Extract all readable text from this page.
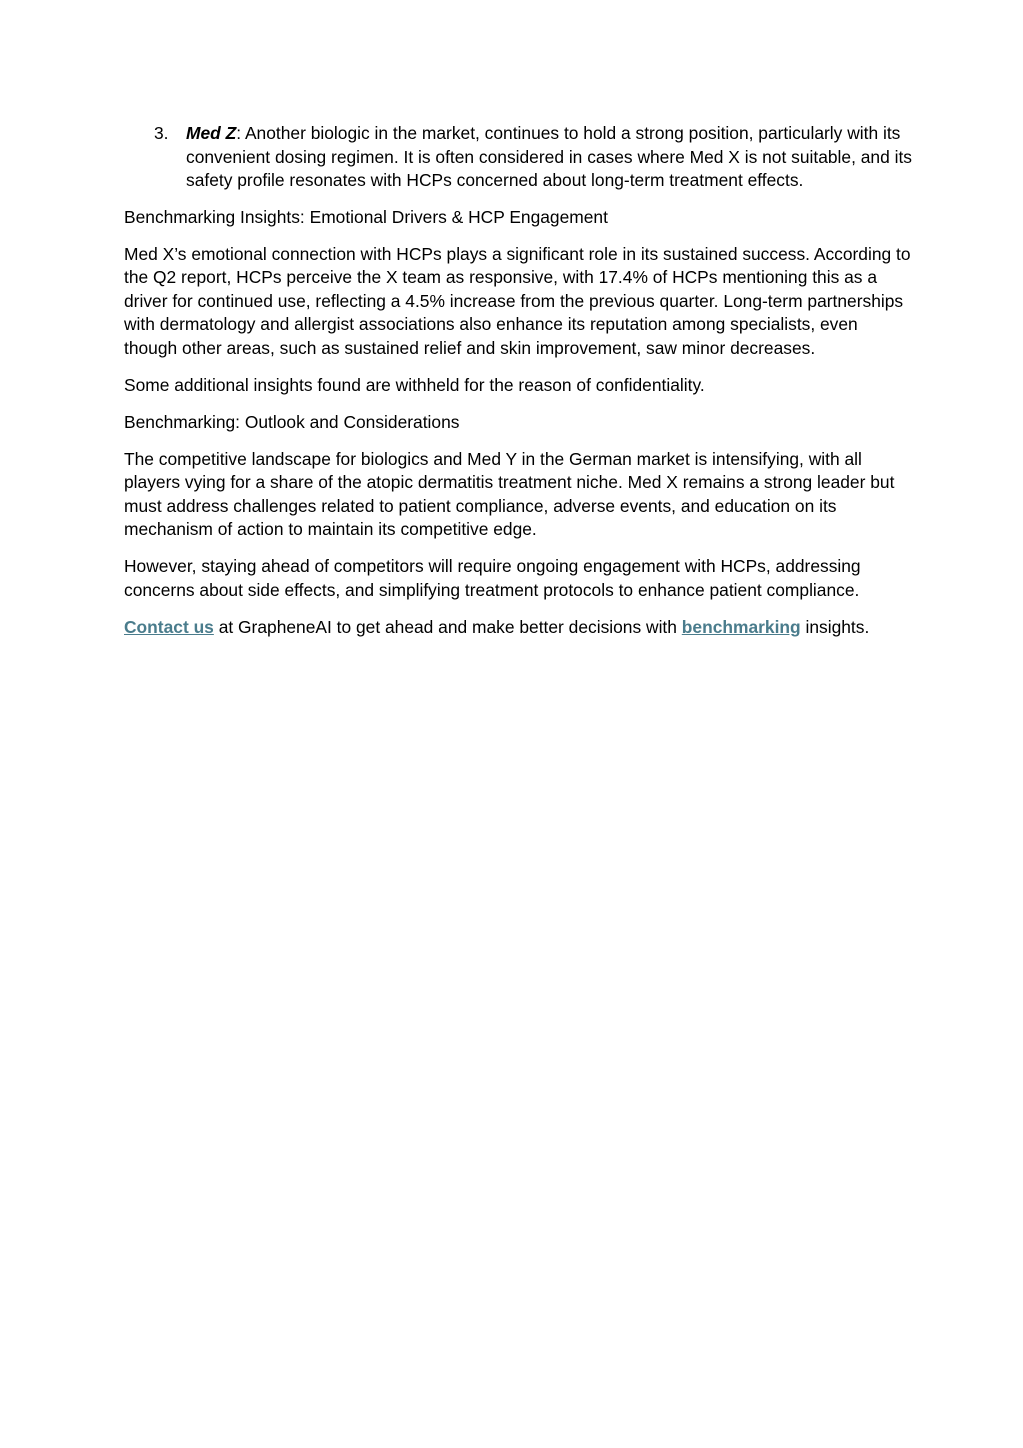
3. Med Z: Another biologic in the market, continues to hold a strong position, particularly with its convenient dosing regimen. It is often considered in cases where Med X is not suitable, and its safety profile resonates with HCPs concerned about long-term treatment effects.

Benchmarking Insights: Emotional Drivers & HCP Engagement

Med X’s emotional connection with HCPs plays a significant role in its sustained success. According to the Q2 report, HCPs perceive the X team as responsive, with 17.4% of HCPs mentioning this as a driver for continued use, reflecting a 4.5% increase from the previous quarter. Long-term partnerships with dermatology and allergist associations also enhance its reputation among specialists, even though other areas, such as sustained relief and skin improvement, saw minor decreases.

Some additional insights found are withheld for the reason of confidentiality.

Benchmarking: Outlook and Considerations

The competitive landscape for biologics and Med Y in the German market is intensifying, with all players vying for a share of the atopic dermatitis treatment niche. Med X remains a strong leader but must address challenges related to patient compliance, adverse events, and education on its mechanism of action to maintain its competitive edge.

However, staying ahead of competitors will require ongoing engagement with HCPs, addressing concerns about side effects, and simplifying treatment protocols to enhance patient compliance.

Contact us at GrapheneAI to get ahead and make better decisions with benchmarking insights.
